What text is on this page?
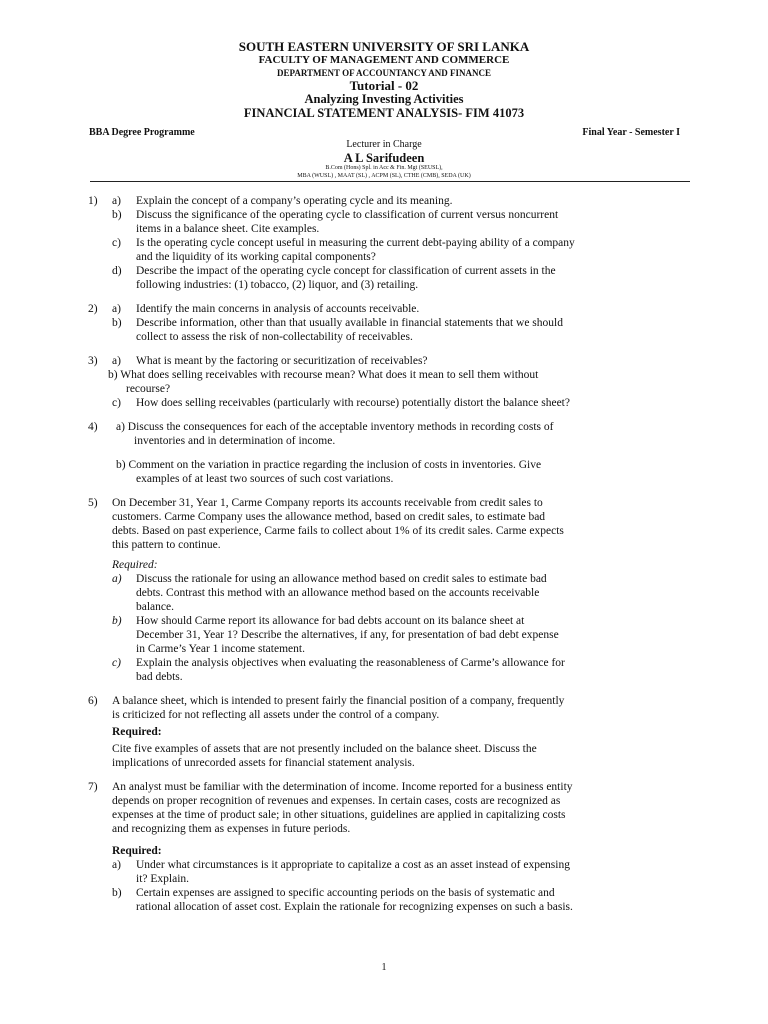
SOUTH EASTERN UNIVERSITY OF SRI LANKA
FACULTY OF MANAGEMENT AND COMMERCE
DEPARTMENT OF ACCOUNTANCY AND FINANCE
Tutorial - 02
Analyzing Investing Activities
FINANCIAL STATEMENT ANALYSIS- FIM 41073
BBA Degree Programme	Final Year - Semester I
Lecturer in Charge
A L Sarifudeen
B.Com (Hons) Spl. in Acc & Fin. Mgt (SEUSL),
MBA (WUSL) , MAAT (SL) , ACPM (SL), CTHE (CMB), SEDA (UK)
1) a) Explain the concept of a company’s operating cycle and its meaning.
b) Discuss the significance of the operating cycle to classification of current versus noncurrent
items in a balance sheet. Cite examples.
c) Is the operating cycle concept useful in measuring the current debt-paying ability of a company
and the liquidity of its working capital components?
d) Describe the impact of the operating cycle concept for classification of current assets in the
following industries: (1) tobacco, (2) liquor, and (3) retailing.
2) a) Identify the main concerns in analysis of accounts receivable.
b) Describe information, other than that usually available in financial statements that we should
collect to assess the risk of non-collectability of receivables.
3) a) What is meant by the factoring or securitization of receivables?
b) What does selling receivables with recourse mean? What does it mean to sell them without
recourse?
c) How does selling receivables (particularly with recourse) potentially distort the balance sheet?
4) a) Discuss the consequences for each of the acceptable inventory methods in recording costs of
inventories and in determination of income.
b) Comment on the variation in practice regarding the inclusion of costs in inventories. Give
examples of at least two sources of such cost variations.
5) On December 31, Year 1, Carme Company reports its accounts receivable from credit sales to
customers. Carme Company uses the allowance method, based on credit sales, to estimate bad
debts. Based on past experience, Carme fails to collect about 1% of its credit sales. Carme expects
this pattern to continue.
Required:
a) Discuss the rationale for using an allowance method based on credit sales to estimate bad
debts. Contrast this method with an allowance method based on the accounts receivable
balance.
b) How should Carme report its allowance for bad debts account on its balance sheet at
December 31, Year 1? Describe the alternatives, if any, for presentation of bad debt expense
in Carme’s Year 1 income statement.
c) Explain the analysis objectives when evaluating the reasonableness of Carme’s allowance for
bad debts.
6) A balance sheet, which is intended to present fairly the financial position of a company, frequently
is criticized for not reflecting all assets under the control of a company.
Required:
Cite five examples of assets that are not presently included on the balance sheet. Discuss the
implications of unrecorded assets for financial statement analysis.
7) An analyst must be familiar with the determination of income. Income reported for a business entity
depends on proper recognition of revenues and expenses. In certain cases, costs are recognized as
expenses at the time of product sale; in other situations, guidelines are applied in capitalizing costs
and recognizing them as expenses in future periods.
Required:
a) Under what circumstances is it appropriate to capitalize a cost as an asset instead of expensing
it? Explain.
b) Certain expenses are assigned to specific accounting periods on the basis of systematic and
rational allocation of asset cost. Explain the rationale for recognizing expenses on such a basis.
1
